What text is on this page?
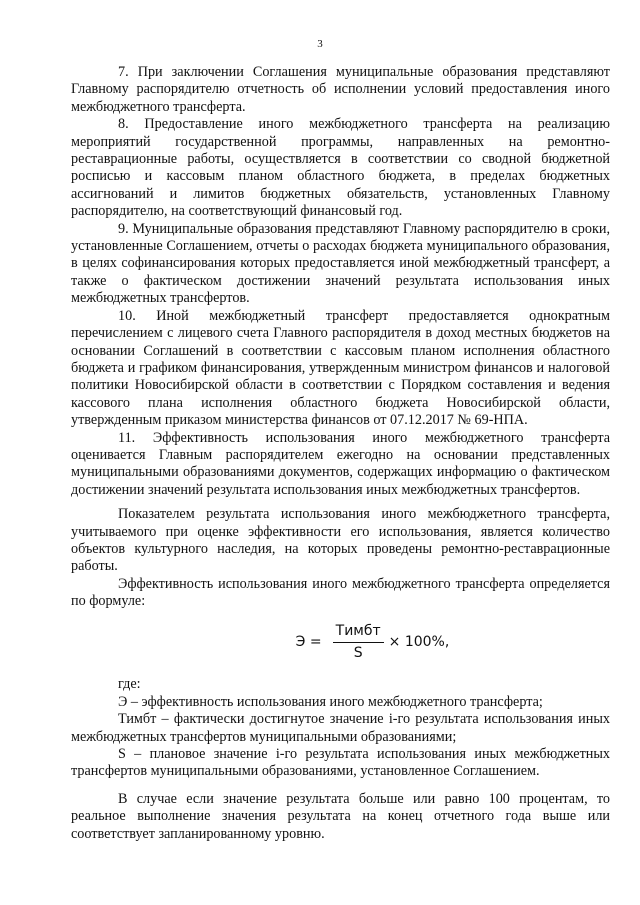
3

7. При заключении Соглашения муниципальные образования представляют Главному распорядителю отчетность об исполнении условий предоставления иного межбюджетного трансферта.

8. Предоставление иного межбюджетного трансферта на реализацию мероприятий государственной программы, направленных на ремонтно-реставрационные работы, осуществляется в соответствии со сводной бюджетной росписью и кассовым планом областного бюджета, в пределах бюджетных ассигнований и лимитов бюджетных обязательств, установленных Главному распорядителю, на соответствующий финансовый год.

9. Муниципальные образования представляют Главному распорядителю в сроки, установленные Соглашением, отчеты о расходах бюджета муниципального образования, в целях софинансирования которых предоставляется иной межбюджетный трансферт, а также о фактическом достижении значений результата использования иных межбюджетных трансфертов.

10. Иной межбюджетный трансферт предоставляется однократным перечислением с лицевого счета Главного распорядителя в доход местных бюджетов на основании Соглашений в соответствии с кассовым планом исполнения областного бюджета и графиком финансирования, утвержденным министром финансов и налоговой политики Новосибирской области в соответствии с Порядком составления и ведения кассового плана исполнения областного бюджета Новосибирской области, утвержденным приказом министерства финансов от 07.12.2017 № 69-НПА.

11. Эффективность использования иного межбюджетного трансферта оценивается Главным распорядителем ежегодно на основании представленных муниципальными образованиями документов, содержащих информацию о фактическом достижении значений результата использования иных межбюджетных трансфертов.

Показателем результата использования иного межбюджетного трансферта, учитываемого при оценке эффективности его использования, является количество объектов культурного наследия, на которых проведены ремонтно-реставрационные работы.

Эффективность использования иного межбюджетного трансферта определяется по формуле:

$Э = \frac{\text{Тимбт}}{S} \times 100\%$,

где:

Э – эффективность использования иного межбюджетного трансферта;

Тимбт – фактически достигнутое значение i-го результата использования иных межбюджетных трансфертов муниципальными образованиями;

S – плановое значение i-го результата использования иных межбюджетных трансфертов муниципальными образованиями, установленное Соглашением.

В случае если значение результата больше или равно 100 процентам, то реальное выполнение значения результата на конец отчетного года выше или соответствует запланированному уровню.
